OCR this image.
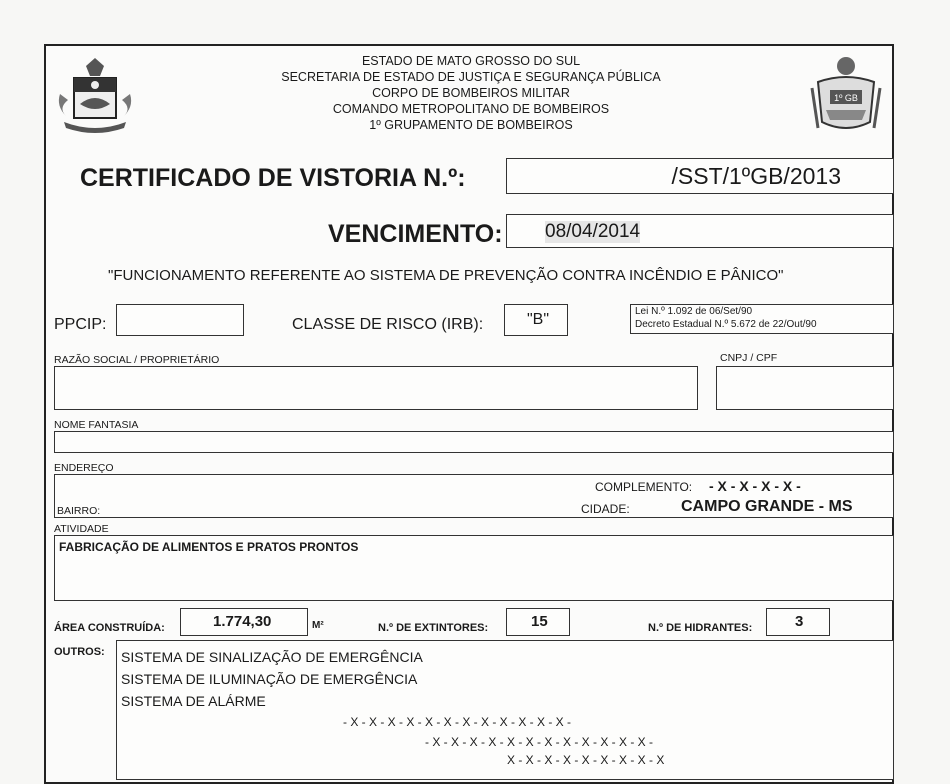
ESTADO DE MATO GROSSO DO SUL
SECRETARIA DE ESTADO DE JUSTIÇA E SEGURANÇA PÚBLICA
CORPO DE BOMBEIROS MILITAR
COMANDO METROPOLITANO DE BOMBEIROS
1º GRUPAMENTO DE BOMBEIROS
1º GB
CERTIFICADO DE VISTORIA N.º:	/SST/1ºGB/2013
VENCIMENTO: 08/04/2014
"FUNCIONAMENTO REFERENTE AO SISTEMA DE PREVENÇÃO CONTRA INCÊNDIO E PÂNICO"
PPCIP:	CLASSE DE RISCO (IRB):	"B"	Lei N.º 1.092 de 06/Set/90
Decreto Estadual N.º 5.672 de 22/Out/90
RAZÃO SOCIAL / PROPRIETÁRIO	CNPJ / CPF
NOME FANTASIA
ENDEREÇO
COMPLEMENTO: - X - X - X - X -
BAIRRO:	CIDADE:	CAMPO GRANDE - MS
ATIVIDADE
FABRICAÇÃO DE ALIMENTOS E PRATOS PRONTOS
ÁREA CONSTRUÍDA:	1.774,30	M²	N.º DE EXTINTORES:	15	N.º DE HIDRANTES:	3
OUTROS: SISTEMA DE SINALIZAÇÃO DE EMERGÊNCIA
SISTEMA DE ILUMINAÇÃO DE EMERGÊNCIA
SISTEMA DE ALÁRME
- X - X - X - X - X - X - X - X - X - X - X - X -
- X - X - X - X - X - X - X - X - X - X - X - X -
X - X - X - X - X - X - X - X - X
